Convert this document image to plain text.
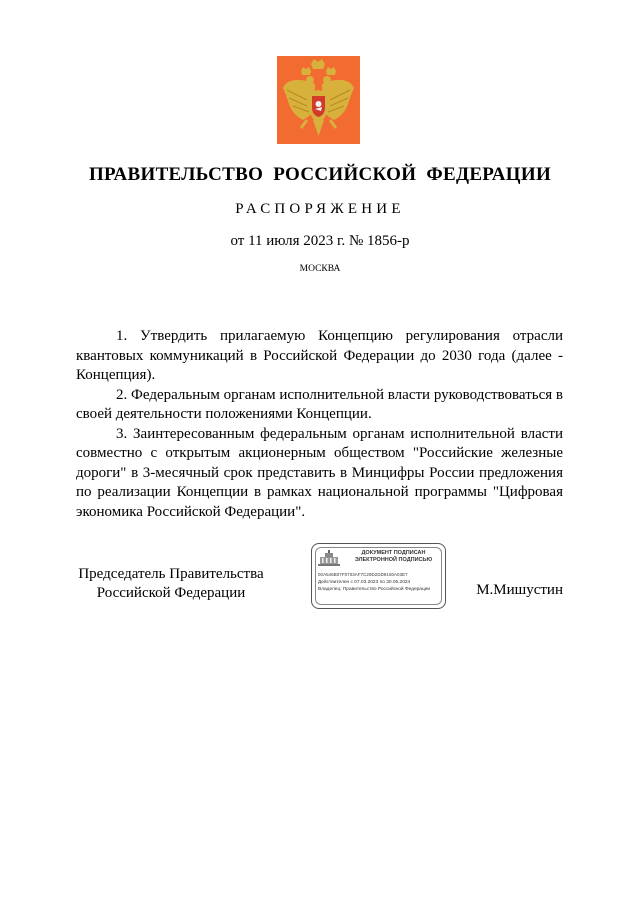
ПРАВИТЕЛЬСТВО РОССИЙСКОЙ ФЕДЕРАЦИИ
РАСПОРЯЖЕНИЕ
от 11 июля 2023 г. № 1856-р
МОСКВА

1. Утвердить прилагаемую Концепцию регулирования отрасли квантовых коммуникаций в Российской Федерации до 2030 года (далее - Концепция).

2. Федеральным органам исполнительной власти руководствоваться в своей деятельности положениями Концепции.

3. Заинтересованным федеральным органам исполнительной власти совместно с открытым акционерным обществом "Российские железные дороги" в 3-месячный срок представить в Минцифры России предложения по реализации Концепции в рамках национальной программы "Цифровая экономика Российской Федерации".

Председатель Правительства
Российской Федерации
ДОКУМЕНТ ПОДПИСАН
ЭЛЕКТРОННОЙ ПОДПИСЬЮ
00A546B07F0703AF7C29D2DD9160A03E7
Действителен с 07.03.2023 по 30.05.2024
Владелец: Правительство Российской Федерации	М.Мишустин
